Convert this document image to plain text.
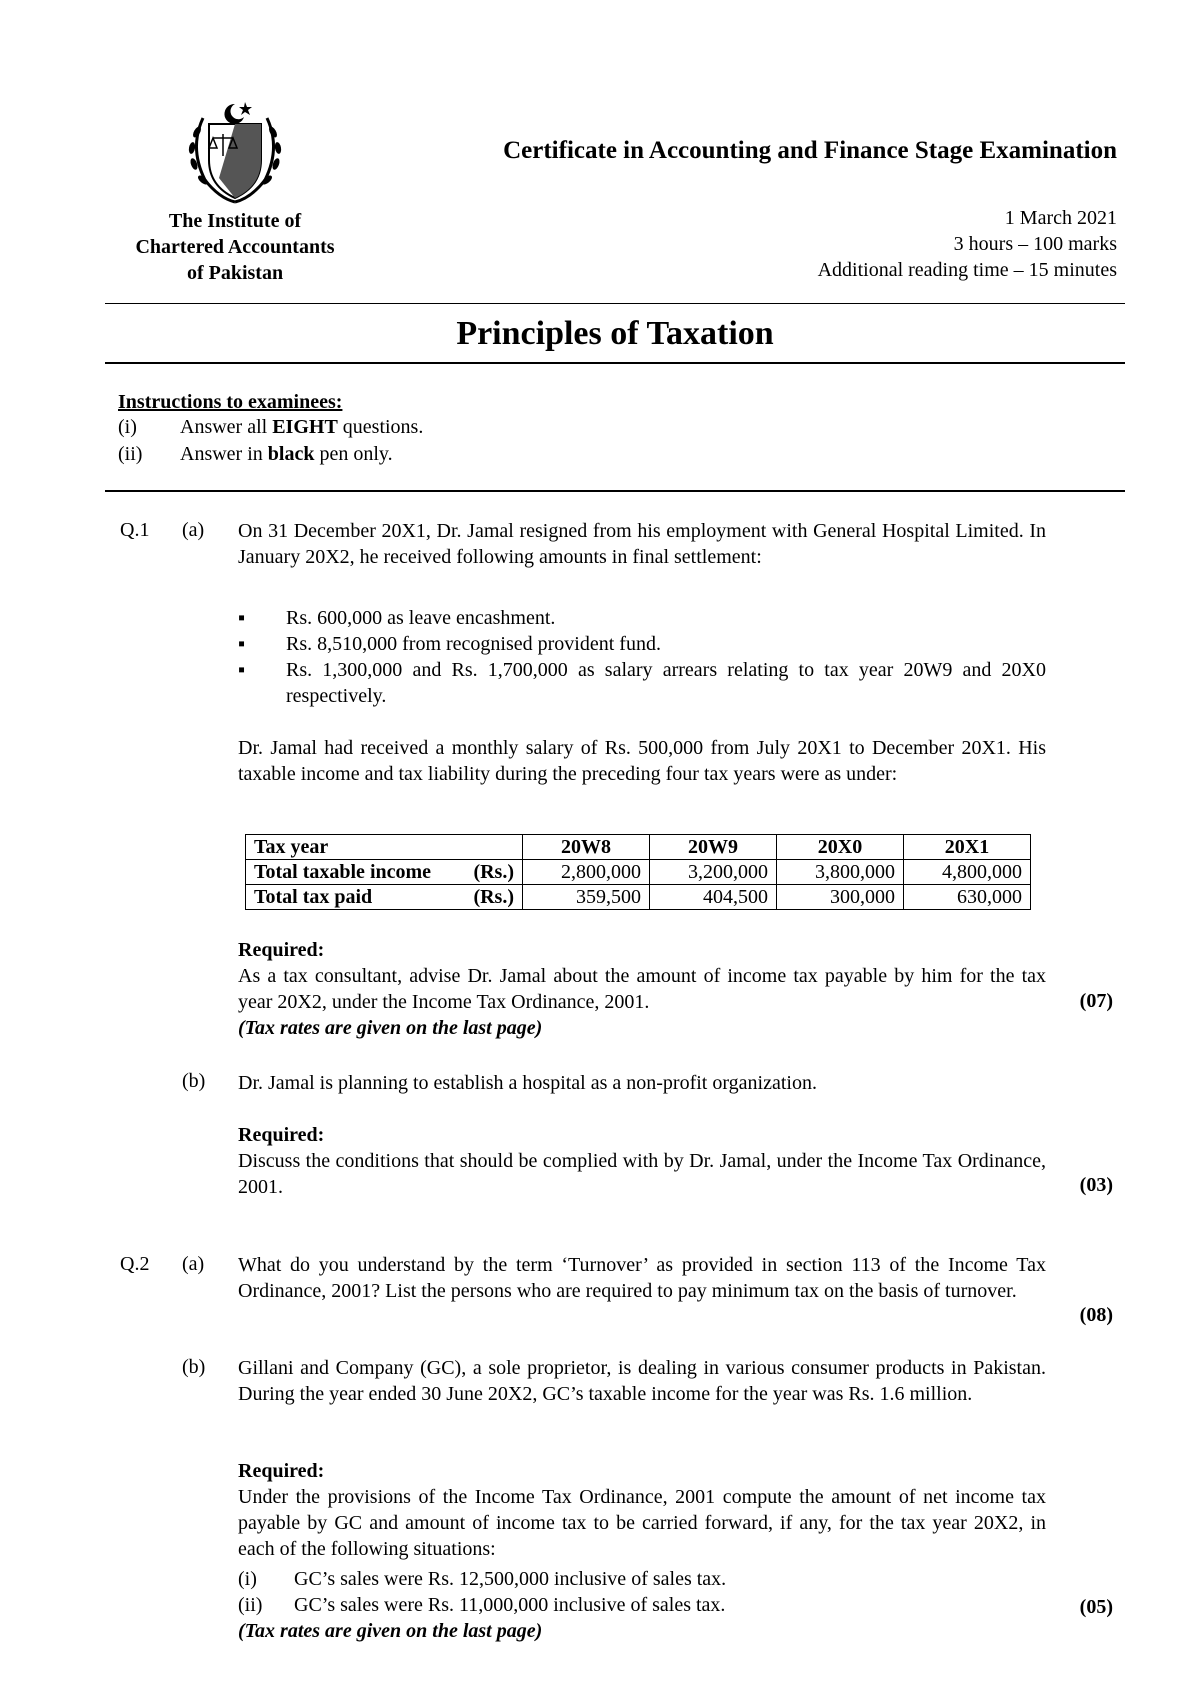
The Institute of
Chartered Accountants
of Pakistan
Certificate in Accounting and Finance Stage Examination
1 March 2021
3 hours – 100 marks
Additional reading time – 15 minutes
Principles of Taxation
Instructions to examinees:
(i)	Answer all EIGHT questions.
(ii)	Answer in black pen only.
Q.1 (a) On 31 December 20X1, Dr. Jamal resigned from his employment with General Hospital Limited. In January 20X2, he received following amounts in final settlement:
▪ Rs. 600,000 as leave encashment.
▪ Rs. 8,510,000 from recognised provident fund.
▪ Rs. 1,300,000 and Rs. 1,700,000 as salary arrears relating to tax year 20W9 and 20X0 respectively.
Dr. Jamal had received a monthly salary of Rs. 500,000 from July 20X1 to December 20X1. His taxable income and tax liability during the preceding four tax years were as under:
Tax year	20W8	20W9	20X0	20X1

Total taxable income (Rs.)	2,800,000	3,200,000	3,800,000	4,800,000

Total tax paid (Rs.)	359,500	404,500	300,000	630,000
Required:
As a tax consultant, advise Dr. Jamal about the amount of income tax payable by him for the tax year 20X2, under the Income Tax Ordinance, 2001.
(Tax rates are given on the last page)
(07)
(b) Dr. Jamal is planning to establish a hospital as a non-profit organization.
Required:
Discuss the conditions that should be complied with by Dr. Jamal, under the Income Tax Ordinance, 2001.	(03)
Q.2 (a) What do you understand by the term ‘Turnover’ as provided in section 113 of the Income Tax Ordinance, 2001? List the persons who are required to pay minimum tax on the basis of turnover.
(08)
(b) Gillani and Company (GC), a sole proprietor, is dealing in various consumer products in Pakistan. During the year ended 30 June 20X2, GC’s taxable income for the year was Rs. 1.6 million.
Required:
Under the provisions of the Income Tax Ordinance, 2001 compute the amount of net income tax payable by GC and amount of income tax to be carried forward, if any, for the tax year 20X2, in each of the following situations:
(i)	GC’s sales were Rs. 12,500,000 inclusive of sales tax.
(ii)	GC’s sales were Rs. 11,000,000 inclusive of sales tax.
(Tax rates are given on the last page)
(05)
